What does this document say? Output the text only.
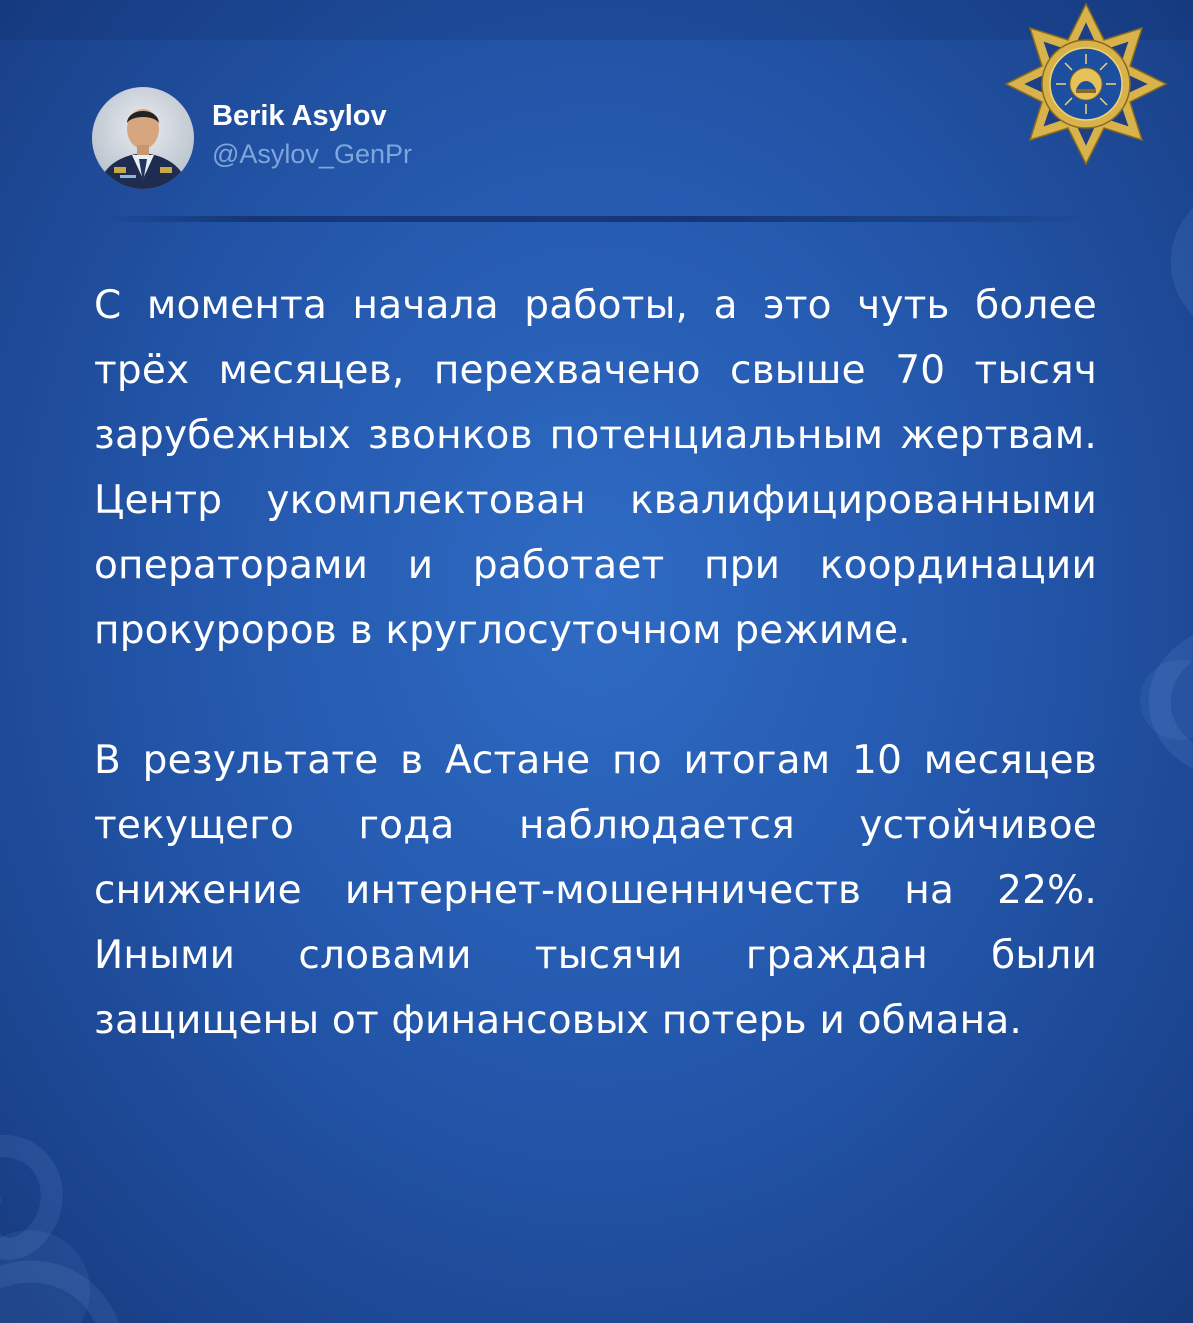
Berik Asylov
@Asylov_GenPr

С момента начала работы, а это чуть более трёх месяцев, перехвачено свыше 70 тысяч зарубежных звонков потенциальным жертвам. Центр укомплектован квалифицированными операторами и работает при координации прокуроров в круглосуточном режиме.

В результате в Астане по итогам 10 месяцев текущего года наблюдается устойчивое снижение интернет-мошенничеств на 22%. Иными словами тысячи граждан были защищены от финансовых потерь и обмана.
